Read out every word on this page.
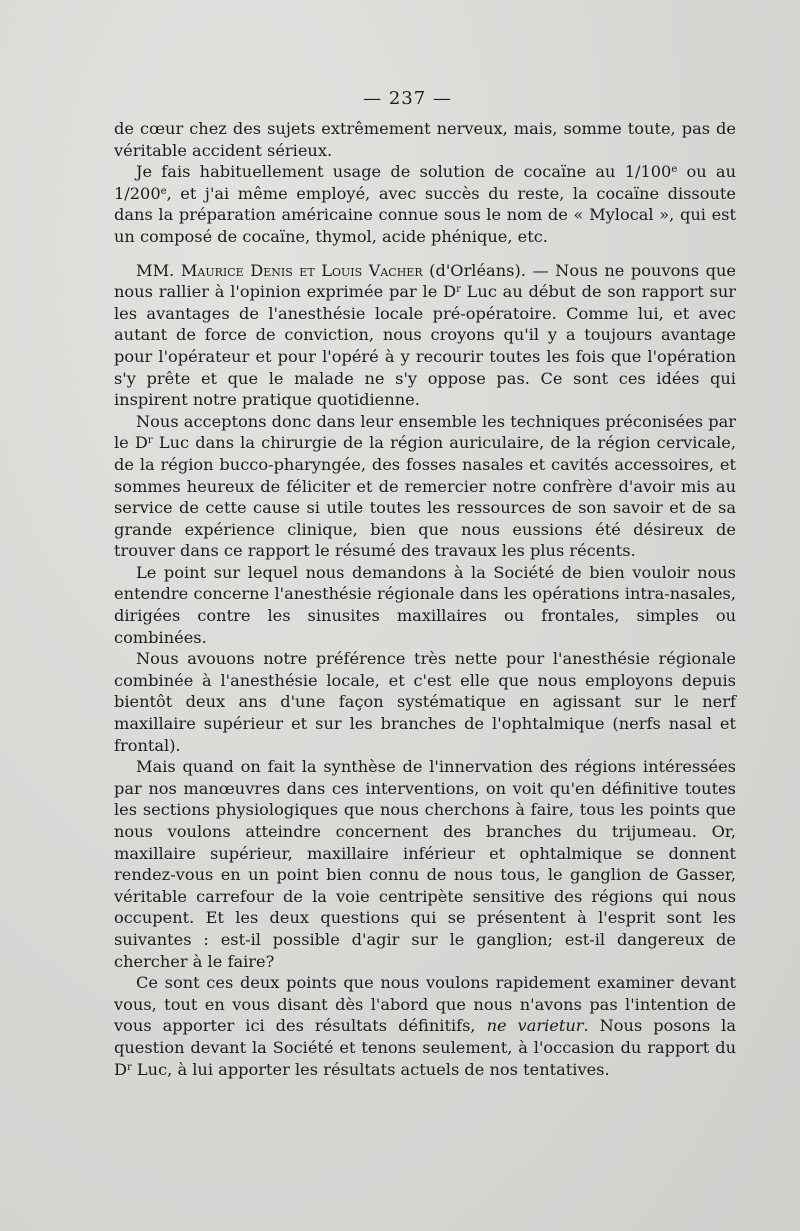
— 237 —

de cœur chez des sujets extrêmement nerveux, mais, somme toute, pas de véritable accident sérieux.

Je fais habituellement usage de solution de cocaïne au 1/100e ou au 1/200e, et j'ai même employé, avec succès du reste, la cocaïne dissoute dans la préparation américaine connue sous le nom de « Mylocal », qui est un composé de cocaïne, thymol, acide phénique, etc.

MM. Maurice Denis et Louis Vacher (d'Orléans). — Nous ne pouvons que nous rallier à l'opinion exprimée par le $D^r$ Luc au début de son rapport sur les avantages de l'anesthésie locale pré-opératoire. Comme lui, et avec autant de force de conviction, nous croyons qu'il y a toujours avantage pour l'opérateur et pour l'opéré à y recourir toutes les fois que l'opération s'y prête et que le malade ne s'y oppose pas. Ce sont ces idées qui inspirent notre pratique quotidienne.

Nous acceptons donc dans leur ensemble les techniques préconisées par le $D^r$ Luc dans la chirurgie de la région auriculaire, de la région cervicale, de la région bucco-pharyngée, des fosses nasales et cavités accessoires, et sommes heureux de féliciter et de remercier notre confrère d'avoir mis au service de cette cause si utile toutes les ressources de son savoir et de sa grande expérience clinique, bien que nous eussions été désireux de trouver dans ce rapport le résumé des travaux les plus récents.

Le point sur lequel nous demandons à la Société de bien vouloir nous entendre concerne l'anesthésie régionale dans les opérations intra-nasales, dirigées contre les sinusites maxillaires ou frontales, simples ou combinées.

Nous avouons notre préférence très nette pour l'anesthésie régionale combinée à l'anesthésie locale, et c'est elle que nous employons depuis bientôt deux ans d'une façon systématique en agissant sur le nerf maxillaire supérieur et sur les branches de l'ophtalmique (nerfs nasal et frontal).

Mais quand on fait la synthèse de l'innervation des régions intéressées par nos manœuvres dans ces interventions, on voit qu'en définitive toutes les sections physiologiques que nous cherchons à faire, tous les points que nous voulons atteindre concernent des branches du trijumeau. Or, maxillaire supérieur, maxillaire inférieur et ophtalmique se donnent rendez-vous en un point bien connu de nous tous, le ganglion de Gasser, véritable carrefour de la voie centripète sensitive des régions qui nous occupent. Et les deux questions qui se présentent à l'esprit sont les suivantes : est-il possible d'agir sur le ganglion; est-il dangereux de chercher à le faire?

Ce sont ces deux points que nous voulons rapidement examiner devant vous, tout en vous disant dès l'abord que nous n'avons pas l'intention de vous apporter ici des résultats définitifs, ne varietur. Nous posons la question devant la Société et tenons seulement, à l'occasion du rapport du $D^r$ Luc, à lui apporter les résultats actuels de nos tentatives.
